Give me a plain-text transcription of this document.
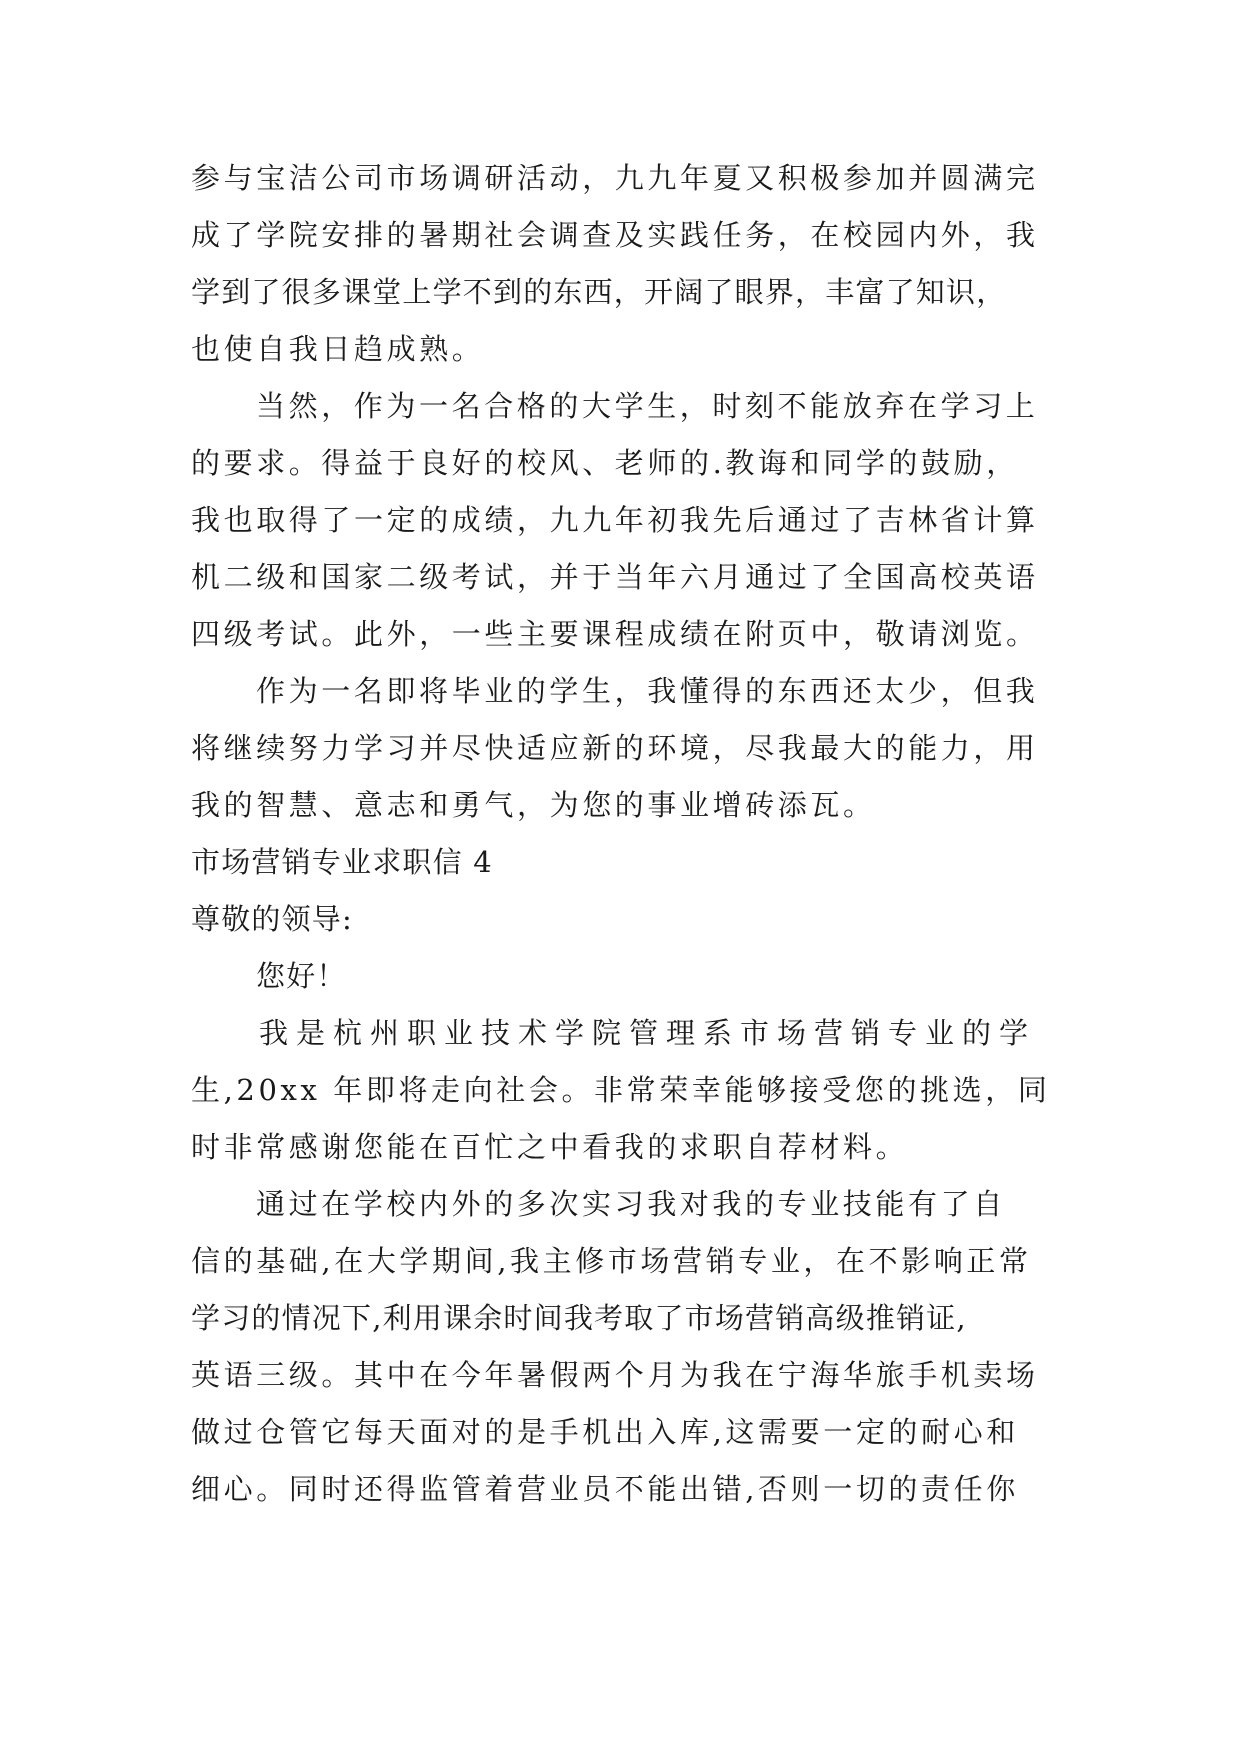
参与宝洁公司市场调研活动，九九年夏又积极参加并圆满完
成了学院安排的暑期社会调查及实践任务，在校园内外，我
学到了很多课堂上学不到的东西，开阔了眼界，丰富了知识，
也使自我日趋成熟。
当然，作为一名合格的大学生，时刻不能放弃在学习上
的要求。得益于良好的校风、老师的.教诲和同学的鼓励，
我也取得了一定的成绩，九九年初我先后通过了吉林省计算
机二级和国家二级考试，并于当年六月通过了全国高校英语
四级考试。此外，一些主要课程成绩在附页中，敬请浏览。
作为一名即将毕业的学生，我懂得的东西还太少，但我
将继续努力学习并尽快适应新的环境，尽我最大的能力，用
我的智慧、意志和勇气，为您的事业增砖添瓦。
市场营销专业求职信 4
尊敬的领导:
您好！
我是杭州职业技术学院管理系市场营销专业的学
生,20xx 年即将走向社会。非常荣幸能够接受您的挑选，同
时非常感谢您能在百忙之中看我的求职自荐材料。
通过在学校内外的多次实习我对我的专业技能有了自
信的基础,在大学期间,我主修市场营销专业，在不影响正常
学习的情况下,利用课余时间我考取了市场营销高级推销证,
英语三级。其中在今年暑假两个月为我在宁海华旅手机卖场
做过仓管它每天面对的是手机出入库,这需要一定的耐心和
细心。同时还得监管着营业员不能出错,否则一切的责任你
